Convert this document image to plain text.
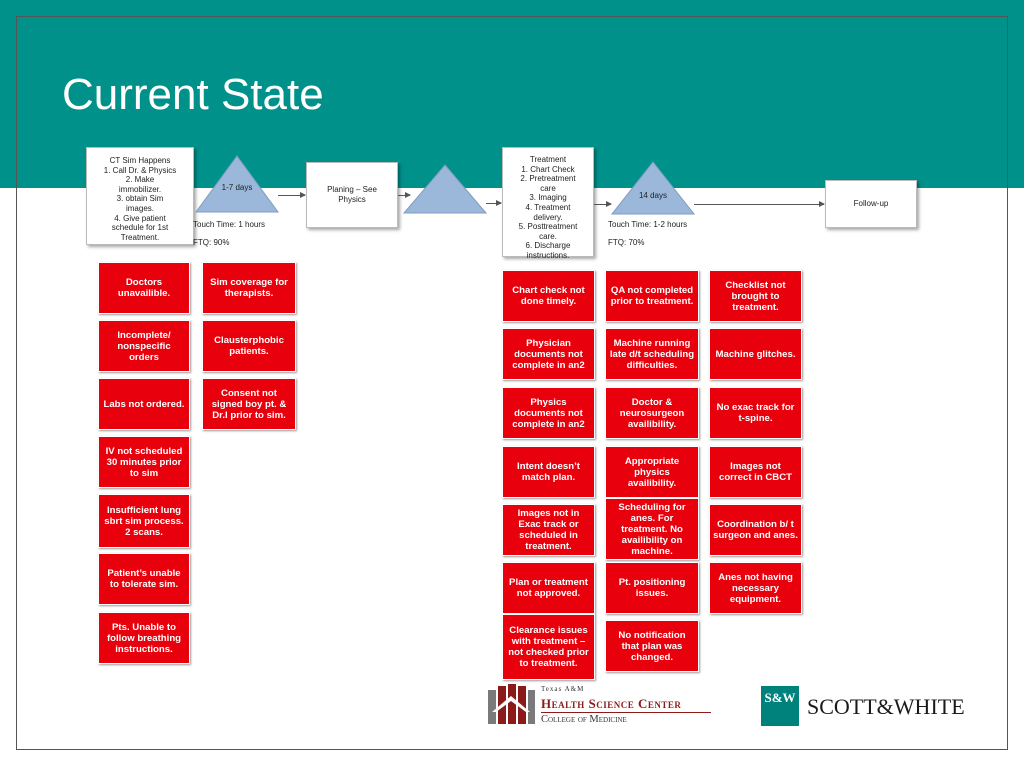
Current State
CT Sim Happens
1. Call Dr. & Physics
2. Make
immobilizer.
3. obtain Sim
images.
4. Give patient
schedule for 1st
Treatment.
1-7 days
Touch Time: 1 hours
FTQ: 90%
Planing – See
Physics
Treatment
1. Chart Check
2. Pretreatment
care
3. Imaging
4. Treatment
delivery.
5. Posttreatment
care.
6. Discharge
instructions.
14 days
Touch Time: 1-2 hours
FTQ: 70%
Follow-up
Doctors unavailible.
Incomplete/ nonspecific orders
Labs not ordered.
IV not scheduled 30 minutes prior to sim
Insufficient lung sbrt sim process. 2 scans.
Patient’s unable to tolerate sim.
Pts. Unable to follow breathing instructions.
Sim coverage for therapists.
Clausterphobic patients.
Consent not signed boy pt. & Dr.I prior to sim.
Chart check not done timely.
Physician documents not complete in an2
Physics documents not complete in an2
Intent doesn’t match plan.
Images not in Exac track or scheduled in treatment.
Plan or treatment not approved.
Clearance issues with treatment – not checked prior to treatment.
QA not completed prior to treatment.
Machine running late d/t scheduling difficulties.
Doctor & neurosurgeon availibility.
Appropriate physics availibility.
Scheduling for anes. For treatment. No availibility on machine.
Pt. positioning issues.
No notification that plan was changed.
Checklist not brought to treatment.
Machine glitches.
No exac track for t-spine.
Images not correct in CBCT
Coordination b/ t surgeon and anes.
Anes not having necessary equipment.
Texas A&M
Health Science Center
College of Medicine
S&W SCOTT&WHITE
